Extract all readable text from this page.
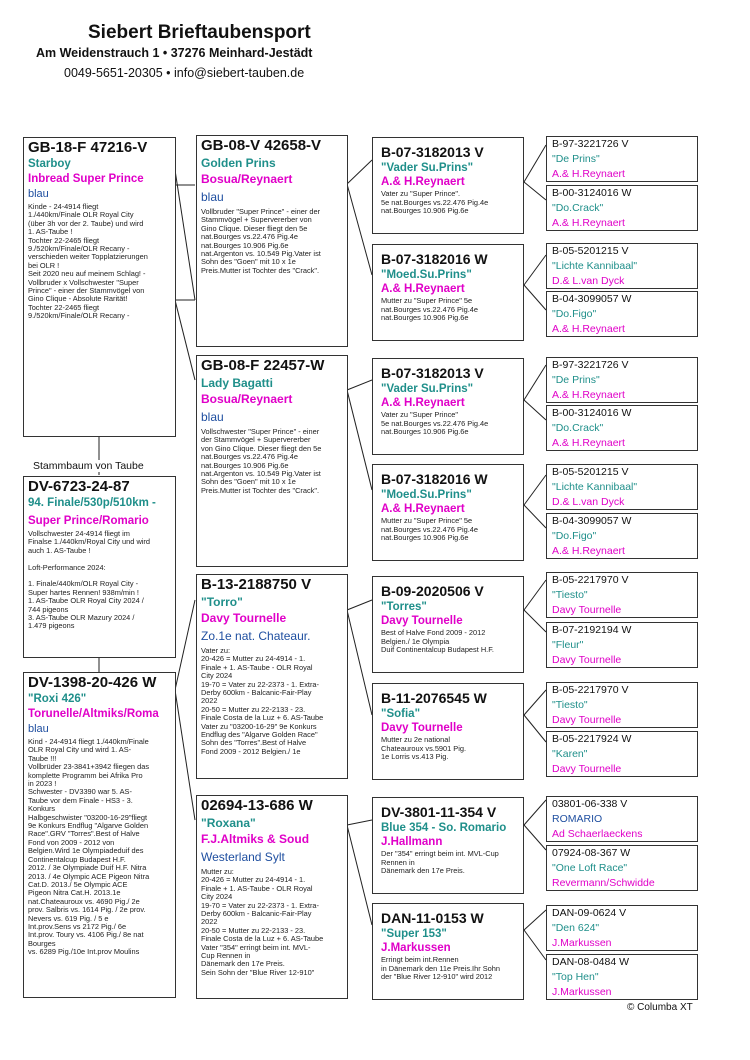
Siebert Brieftaubensport
Am Weidenstrauch 1 • 37276 Meinhard-Jestädt
0049-5651-20305 • info@siebert-tauben.de
GB-18-F 47216-V
Starboy
Inbread Super Prince
blau
Kinde - 24-4914 fliegt
1./440km/Finale OLR Royal City
(über 3h vor der 2. Taube) und wird
1. AS-Taube !
Tochter 22-2465 fliegt
9./520km/Finale/OLR Recany -
verschieden weiter Topplatzierungen
bei OLR !
Seit 2020 neu auf meinem Schlag! -
Vollbruder x Vollschwester "Super
Prince" - einer der Stammvögel von
Gino Clique - Absolute Rarität!
Tochter 22-2465 fliegt
9./520km/Finale/OLR Recany -
Stammbaum von Taube
DV-6723-24-87
94. Finale/530p/510km -
Super Prince/Romario
Vollschwester 24-4914 fliegt im
Finalse 1./440km/Royal City und wird
auch 1. AS-Taube !

Loft-Performance 2024:

1. Finale/440km/OLR Royal City -
Super hartes Rennen! 938m/min !
1. AS-Taube OLR Royal City 2024 /
744 pigeons
3. AS-Taube OLR Mazury 2024 /
1.479 pigeons
DV-1398-20-426 W
"Roxi 426"
Torunelle/Altmiks/Roma
blau
Kind - 24-4914 fliegt 1./440km/Finale
OLR Royal City und wird 1. AS-
Taube !!!
Vollbrüder 23-3841+3942 fliegen das
komplette Programm bei Afrika Pro
in 2023 !
Schwester - DV3390 war 5. AS-
Taube vor dem Finale - HS3 - 3.
Konkurs
Halbgeschwister "03200-16-29"fliegt
9e Konkurs Endflug "Algarve Golden
Race".GRV "Torres".Best of Halve
Fond von 2009 - 2012 von
Belgien.Wird 1e Olympiadeduif des
Continentalcup Budapest H.F.
2012. / 3e Olympiade Duif H.F. Nitra
2013. / 4e Olympic ACE Pigeon Nitra
Cat.D. 2013./ 5e Olympic ACE
Pigeon Nitra Cat.H. 2013.1e
nat.Chateauroux vs. 4690 Pig./ 2e
prov. Salbris vs. 1614 Pig. / 2e prov.
Nevers vs. 619 Pig. / 5 e
Int.prov.Sens vs 2172 Pig./ 6e
Int.prov. Toury vs. 4106 Pig./ 8e nat
Bourges
vs. 6289 Pig./10e Int.prov Moulins
GB-08-V 42658-V
Golden Prins
Bosua/Reynaert
blau
Vollbruder "Super Prince" - einer der
Stammvögel + Supervererber von
Gino Clique. Dieser fliegt den 5e
nat.Bourges vs.22.476 Pig.4e
nat.Bourges 10.906 Pig.6e
nat.Argenton vs. 10.549 Pig.Vater ist
Sohn des "Goen" mit 10 x 1e
Preis.Mutter ist Tochter des "Crack".
GB-08-F 22457-W
Lady Bagatti
Bosua/Reynaert
blau
Vollschwester "Super Prince" - einer
der Stammvögel + Supervererber
von Gino Clique. Dieser fliegt den 5e
nat.Bourges vs.22.476 Pig.4e
nat.Bourges 10.906 Pig.6e
nat.Argenton vs. 10.549 Pig.Vater ist
Sohn des "Goen" mit 10 x 1e
Preis.Mutter ist Tochter des "Crack".
B-13-2188750 V
"Torro"
Davy Tournelle
Zo.1e nat. Chateaur.
Vater zu:
20-426 = Mutter zu 24-4914 - 1.
Finale + 1. AS-Taube - OLR Royal
City 2024
19-70 = Vater zu 22-2373 - 1. Extra-
Derby 600km - Balcanic-Fair-Play
2022
20-50 = Mutter zu 22-2133 - 23.
Finale Costa de la Luz + 6. AS-Taube
Vater zu "03200-16-29" 9e Konkurs
Endflug des "Algarve Golden Race"
Sohn des "Torres".Best of Halve
Fond 2009 - 2012 Belgien./ 1e
02694-13-686 W
"Roxana"
F.J.Altmiks & Soud
Westerland Sylt
Mutter zu:
20-426 = Mutter zu 24-4914 - 1.
Finale + 1. AS-Taube - OLR Royal
City 2024
19-70 = Vater zu 22-2373 - 1. Extra-
Derby 600km - Balcanic-Fair-Play
2022
20-50 = Mutter zu 22-2133 - 23.
Finale Costa de la Luz + 6. AS-Taube
Vater "354" erringt beim int. MVL-
Cup Rennen in
Dänemark den 17e Preis.
Sein Sohn der "Blue River 12-910"
B-07-3182013 V
"Vader Su.Prins"
A.& H.Reynaert
Vater zu "Super Prince".
5e nat.Bourges vs.22.476 Pig.4e
nat.Bourges 10.906 Pig.6e
B-07-3182016 W
"Moed.Su.Prins"
A.& H.Reynaert
Mutter zu "Super Prince" 5e
nat.Bourges vs.22.476 Pig.4e
nat.Bourges 10.906 Pig.6e
B-07-3182013 V
"Vader Su.Prins"
A.& H.Reynaert
Vater zu "Super Prince"
5e nat.Bourges vs.22.476 Pig.4e
nat.Bourges 10.906 Pig.6e
B-07-3182016 W
"Moed.Su.Prins"
A.& H.Reynaert
Mutter zu "Super Prince" 5e
nat.Bourges vs.22.476 Pig.4e
nat.Bourges 10.906 Pig.6e
B-09-2020506 V
"Torres"
Davy Tournelle
Best of Halve Fond 2009 - 2012
Belgien./ 1e Olympia
Duif Continentalcup Budapest H.F.
B-11-2076545 W
"Sofia"
Davy Tournelle
Mutter zu 2e national
Chateauroux vs.5901 Pig.
1e Lorris vs.413 Pig.
DV-3801-11-354 V
Blue 354 - So. Romario
J.Hallmann
Der "354" erringt beim int. MVL-Cup
Rennen in
Dänemark den 17e Preis.
DAN-11-0153 W
"Super 153"
J.Markussen
Erringt beim int.Rennen
in Dänemark den 11e Preis.Ihr Sohn
der "Blue River 12-910" wird 2012
B-97-3221726 V
"De Prins"
A.& H.Reynaert
B-00-3124016 W
"Do.Crack"
A.& H.Reynaert
B-05-5201215 V
"Lichte Kannibaal"
D.& L.van Dyck
B-04-3099057 W
"Do.Figo"
A.& H.Reynaert
B-97-3221726 V
"De Prins"
A.& H.Reynaert
B-00-3124016 W
"Do.Crack"
A.& H.Reynaert
B-05-5201215 V
"Lichte Kannibaal"
D.& L.van Dyck
B-04-3099057 W
"Do.Figo"
A.& H.Reynaert
B-05-2217970 V
"Tiesto"
Davy Tournelle
B-07-2192194 W
"Fleur"
Davy Tournelle
B-05-2217970 V
"Tiesto"
Davy Tournelle
B-05-2217924 W
"Karen"
Davy Tournelle
03801-06-338 V
ROMARIO
Ad Schaerlaeckens
07924-08-367 W
"One Loft Race"
Revermann/Schwidde
DAN-09-0624 V
"Den 624"
J.Markussen
DAN-08-0484 W
"Top Hen"
J.Markussen
© Columba XT
